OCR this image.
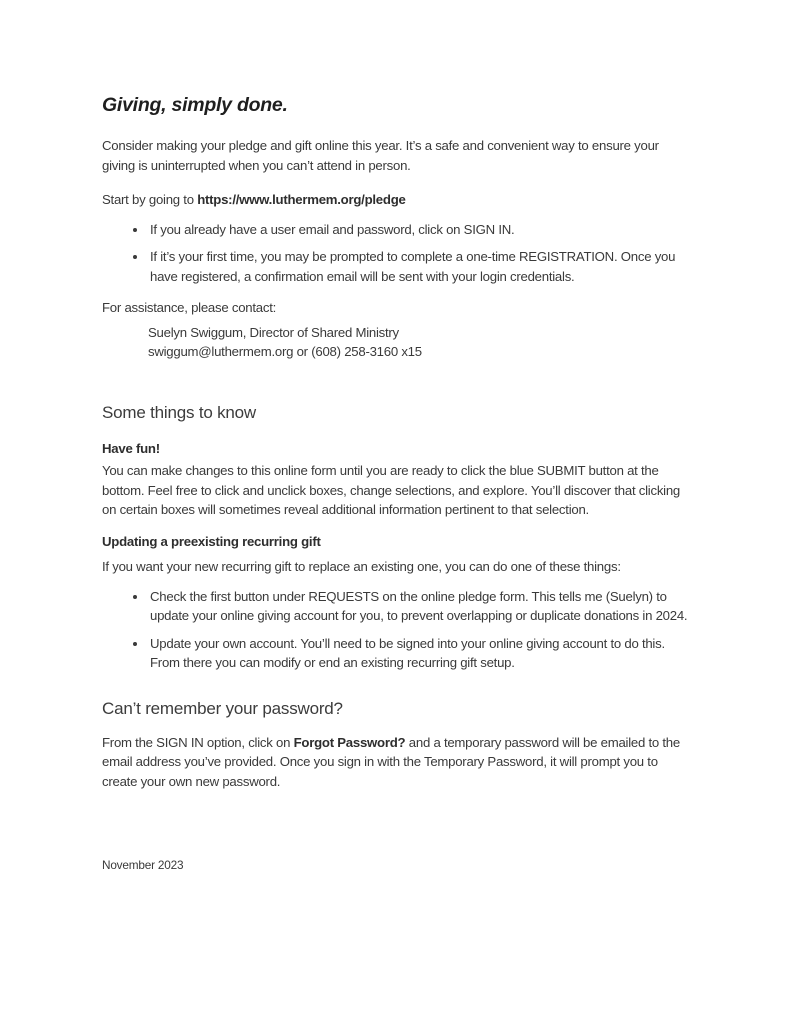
Giving, simply done.

Consider making your pledge and gift online this year. It’s a safe and convenient way to ensure your giving is uninterrupted when you can’t attend in person.

Start by going to https://www.luthermem.org/pledge

• If you already have a user email and password, click on SIGN IN.
• If it’s your first time, you may be prompted to complete a one-time REGISTRATION. Once you have registered, a confirmation email will be sent with your login credentials.

For assistance, please contact:

Suelyn Swiggum, Director of Shared Ministry
swiggum@luthermem.org or (608) 258-3160 x15
Some things to know
Have fun!

You can make changes to this online form until you are ready to click the blue SUBMIT button at the bottom. Feel free to click and unclick boxes, change selections, and explore. You’ll discover that clicking on certain boxes will sometimes reveal additional information pertinent to that selection.

Updating a preexisting recurring gift

If you want your new recurring gift to replace an existing one, you can do one of these things:

• Check the first button under REQUESTS on the online pledge form. This tells me (Suelyn) to update your online giving account for you, to prevent overlapping or duplicate donations in 2024.
• Update your own account. You’ll need to be signed into your online giving account to do this. From there you can modify or end an existing recurring gift setup.
Can’t remember your password?

From the SIGN IN option, click on Forgot Password? and a temporary password will be emailed to the email address you’ve provided. Once you sign in with the Temporary Password, it will prompt you to create your own new password.

November 2023
